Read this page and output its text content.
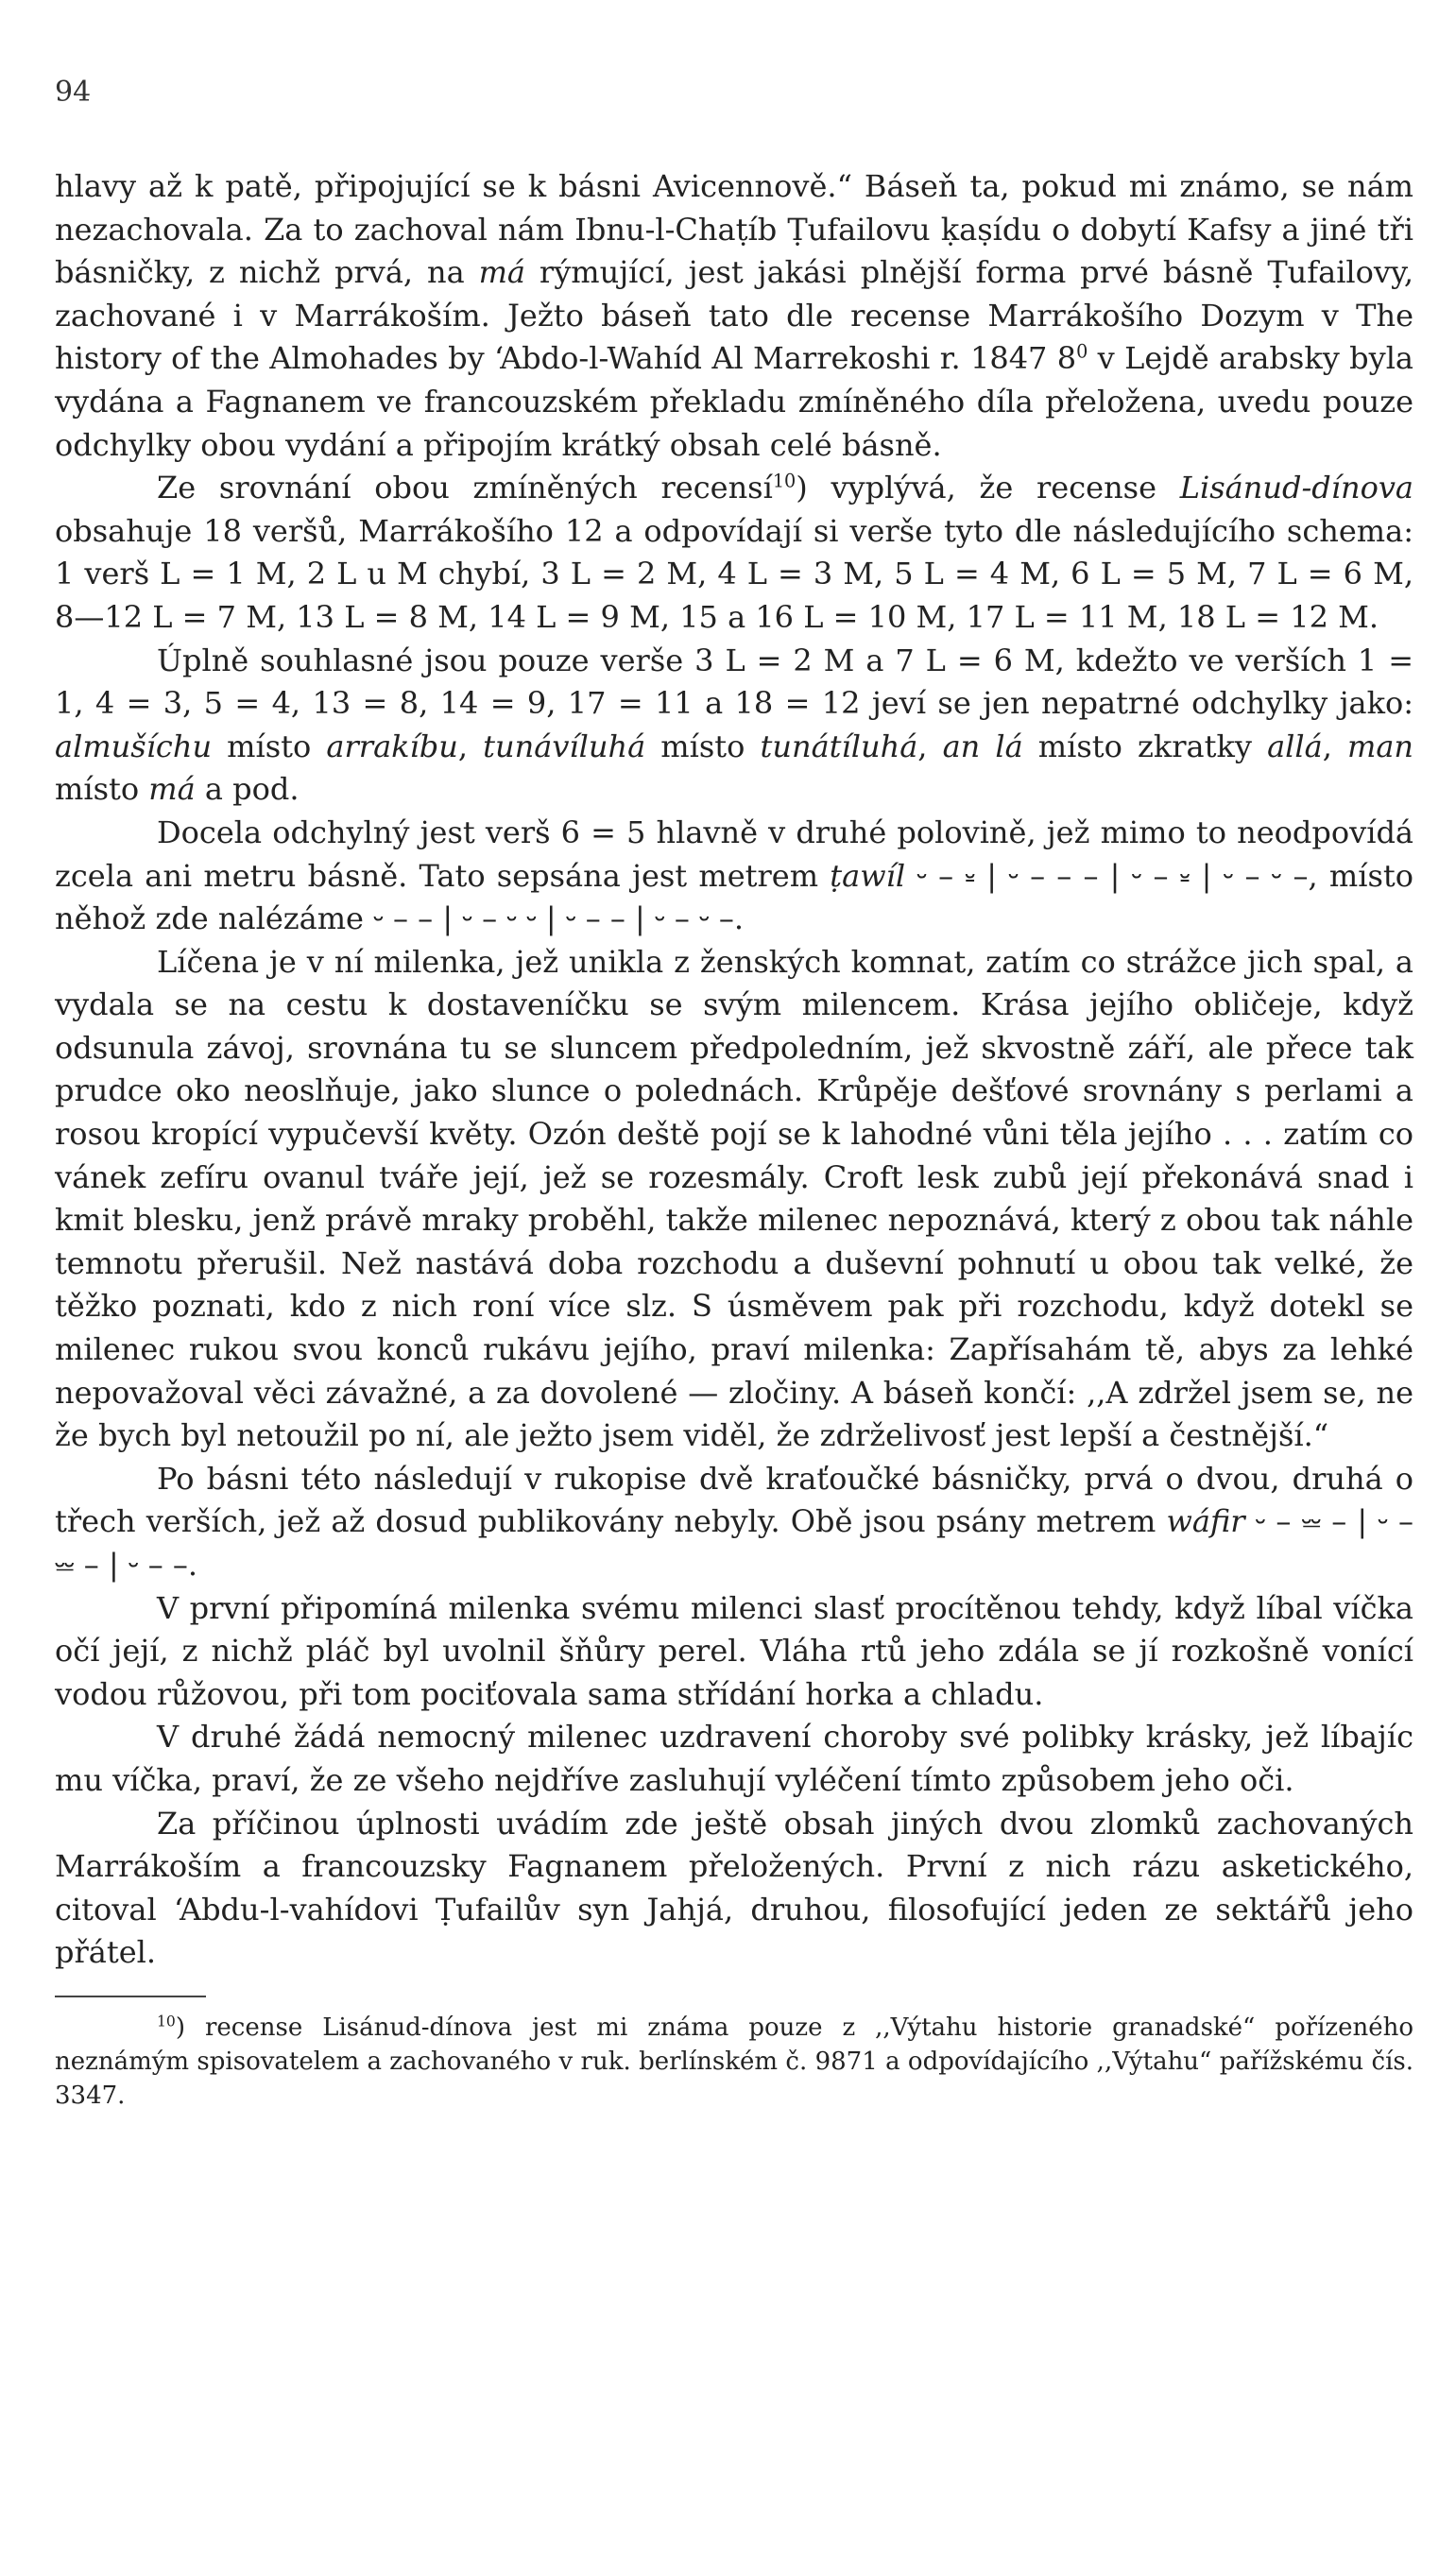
94

hlavy až k patě, připojující se k básni Avicennově.“ Báseň ta, pokud mi známo, se nám nezachovala. Za to zachoval nám Ibnu-l-Chaṭíb Ṭufailovu ḳaṣídu o dobytí Kafsy a jiné tři básničky, z nichž prvá, na má rýmující, jest jakási plnější forma prvé básně Ṭufailovy, zachované i v Marrákoším. Ježto báseň tato dle recense Marrákošího Dozym v The history of the Almohades by ‘Abdo-l-Wahíd Al Marrekoshi r. 1847 $8^0$ v Lejdě arabsky byla vydána a Fagnanem ve francouzském překladu zmíněného díla přeložena, uvedu pouze odchylky obou vydání a připojím krátký obsah celé básně.

Ze srovnání obou zmíněných recensí$^{10}$) vyplývá, že recense Lisánud-dínova obsahuje 18 veršů, Marrákošího 12 a odpovídají si verše tyto dle následujícího schema: 1 verš L = 1 M, 2 L u M chybí, 3 L = 2 M, 4 L = 3 M, 5 L = 4 M, 6 L = 5 M, 7 L = 6 M, 8—12 L = 7 M, 13 L = 8 M, 14 L = 9 M, 15 a 16 L = 10 M, 17 L = 11 M, 18 L = 12 M.

Úplně souhlasné jsou pouze verše 3 L = 2 M a 7 L = 6 M, kdežto ve verších 1 = 1, 4 = 3, 5 = 4, 13 = 8, 14 = 9, 17 = 11 a 18 = 12 jeví se jen nepatrné odchylky jako: almušíchu místo arrakíbu, tunávíluhá místo tunátíluhá, an lá místo zkratky allá, man místo má a pod.

Docela odchylný jest verš 6 = 5 hlavně v druhé polovině, jež mimo to neodpovídá zcela ani metru básně. Tato sepsána jest metrem ṭawíl ⏑ – ⏓ | ⏑ – – – | ⏑ – ⏓ | ⏑ – ⏑ –, místo něhož zde nalézáme ⏑ – – | ⏑ – ⏑ ⏑ | ⏑ – – | ⏑ – ⏑ –.

Líčena je v ní milenka, jež unikla z ženských komnat, zatím co strážce jich spal, a vydala se na cestu k dostaveníčku se svým milencem. Krása jejího obličeje, když odsunula závoj, srovnána tu se sluncem předpoledním, jež skvostně září, ale přece tak prudce oko neoslňuje, jako slunce o polednách. Krůpěje dešťové srovnány s perlami a rosou kropící vypučevší květy. Ozón deště pojí se k lahodné vůni těla jejího . . . zatím co vánek zefíru ovanul tváře její, jež se rozesmály. Croft lesk zubů její překonává snad i kmit blesku, jenž právě mraky proběhl, takže milenec nepoznává, který z obou tak náhle temnotu přerušil. Než nastává doba rozchodu a duševní pohnutí u obou tak velké, že těžko poznati, kdo z nich roní více slz. S úsměvem pak při rozchodu, když dotekl se milenec rukou svou konců rukávu jejího, praví milenka: Zapřísahám tě, abys za lehké nepovažoval věci závažné, a za dovolené — zločiny. A báseň končí: ,,A zdržel jsem se, ne že bych byl netoužil po ní, ale ježto jsem viděl, že zdrželivosť jest lepší a čestnější.“

Po básni této následují v rukopise dvě kraťoučké básničky, prvá o dvou, druhá o třech verších, jež až dosud publikovány nebyly. Obě jsou psány metrem wáfir ⏑ – ⏕ – | ⏑ – ⏕ – | ⏑ – –.

V první připomíná milenka svému milenci slasť procítěnou tehdy, když líbal víčka očí její, z nichž pláč byl uvolnil šňůry perel. Vláha rtů jeho zdála se jí rozkošně vonící vodou růžovou, při tom pociťovala sama střídání horka a chladu.

V druhé žádá nemocný milenec uzdravení choroby své polibky krásky, jež líbajíc mu víčka, praví, že ze všeho nejdříve zasluhují vyléčení tímto způsobem jeho oči.

Za příčinou úplnosti uvádím zde ještě obsah jiných dvou zlomků zachovaných Marrákoším a francouzsky Fagnanem přeložených. První z nich rázu asketického, citoval ‘Abdu-l-vahídovi Ṭufailův syn Jahjá, druhou, filosofující jeden ze sektářů jeho přátel.

$^{10}$) recense Lisánud-dínova jest mi známa pouze z ,,Výtahu historie granadské“ pořízeného neznámým spisovatelem a zachovaného v ruk. berlínském č. 9871 a odpovídajícího ,,Výtahu“ pařížskému čís. 3347.
